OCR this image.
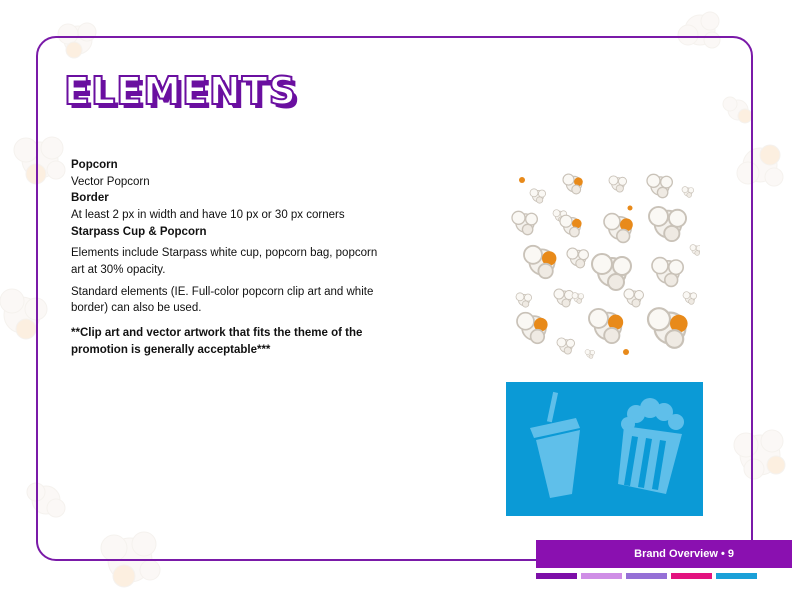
ELEMENTS

Popcorn

Vector Popcorn

Border

At least 2 px in width and have 10 px or 30 px corners

Starpass Cup & Popcorn

Elements include Starpass white cup, popcorn bag, popcorn art at 30% opacity.

Standard elements (IE. Full-color popcorn clip art and white border) can also be used.

**Clip art and vector artwork that fits the theme of the promotion is generally acceptable***

Brand Overview • 9
